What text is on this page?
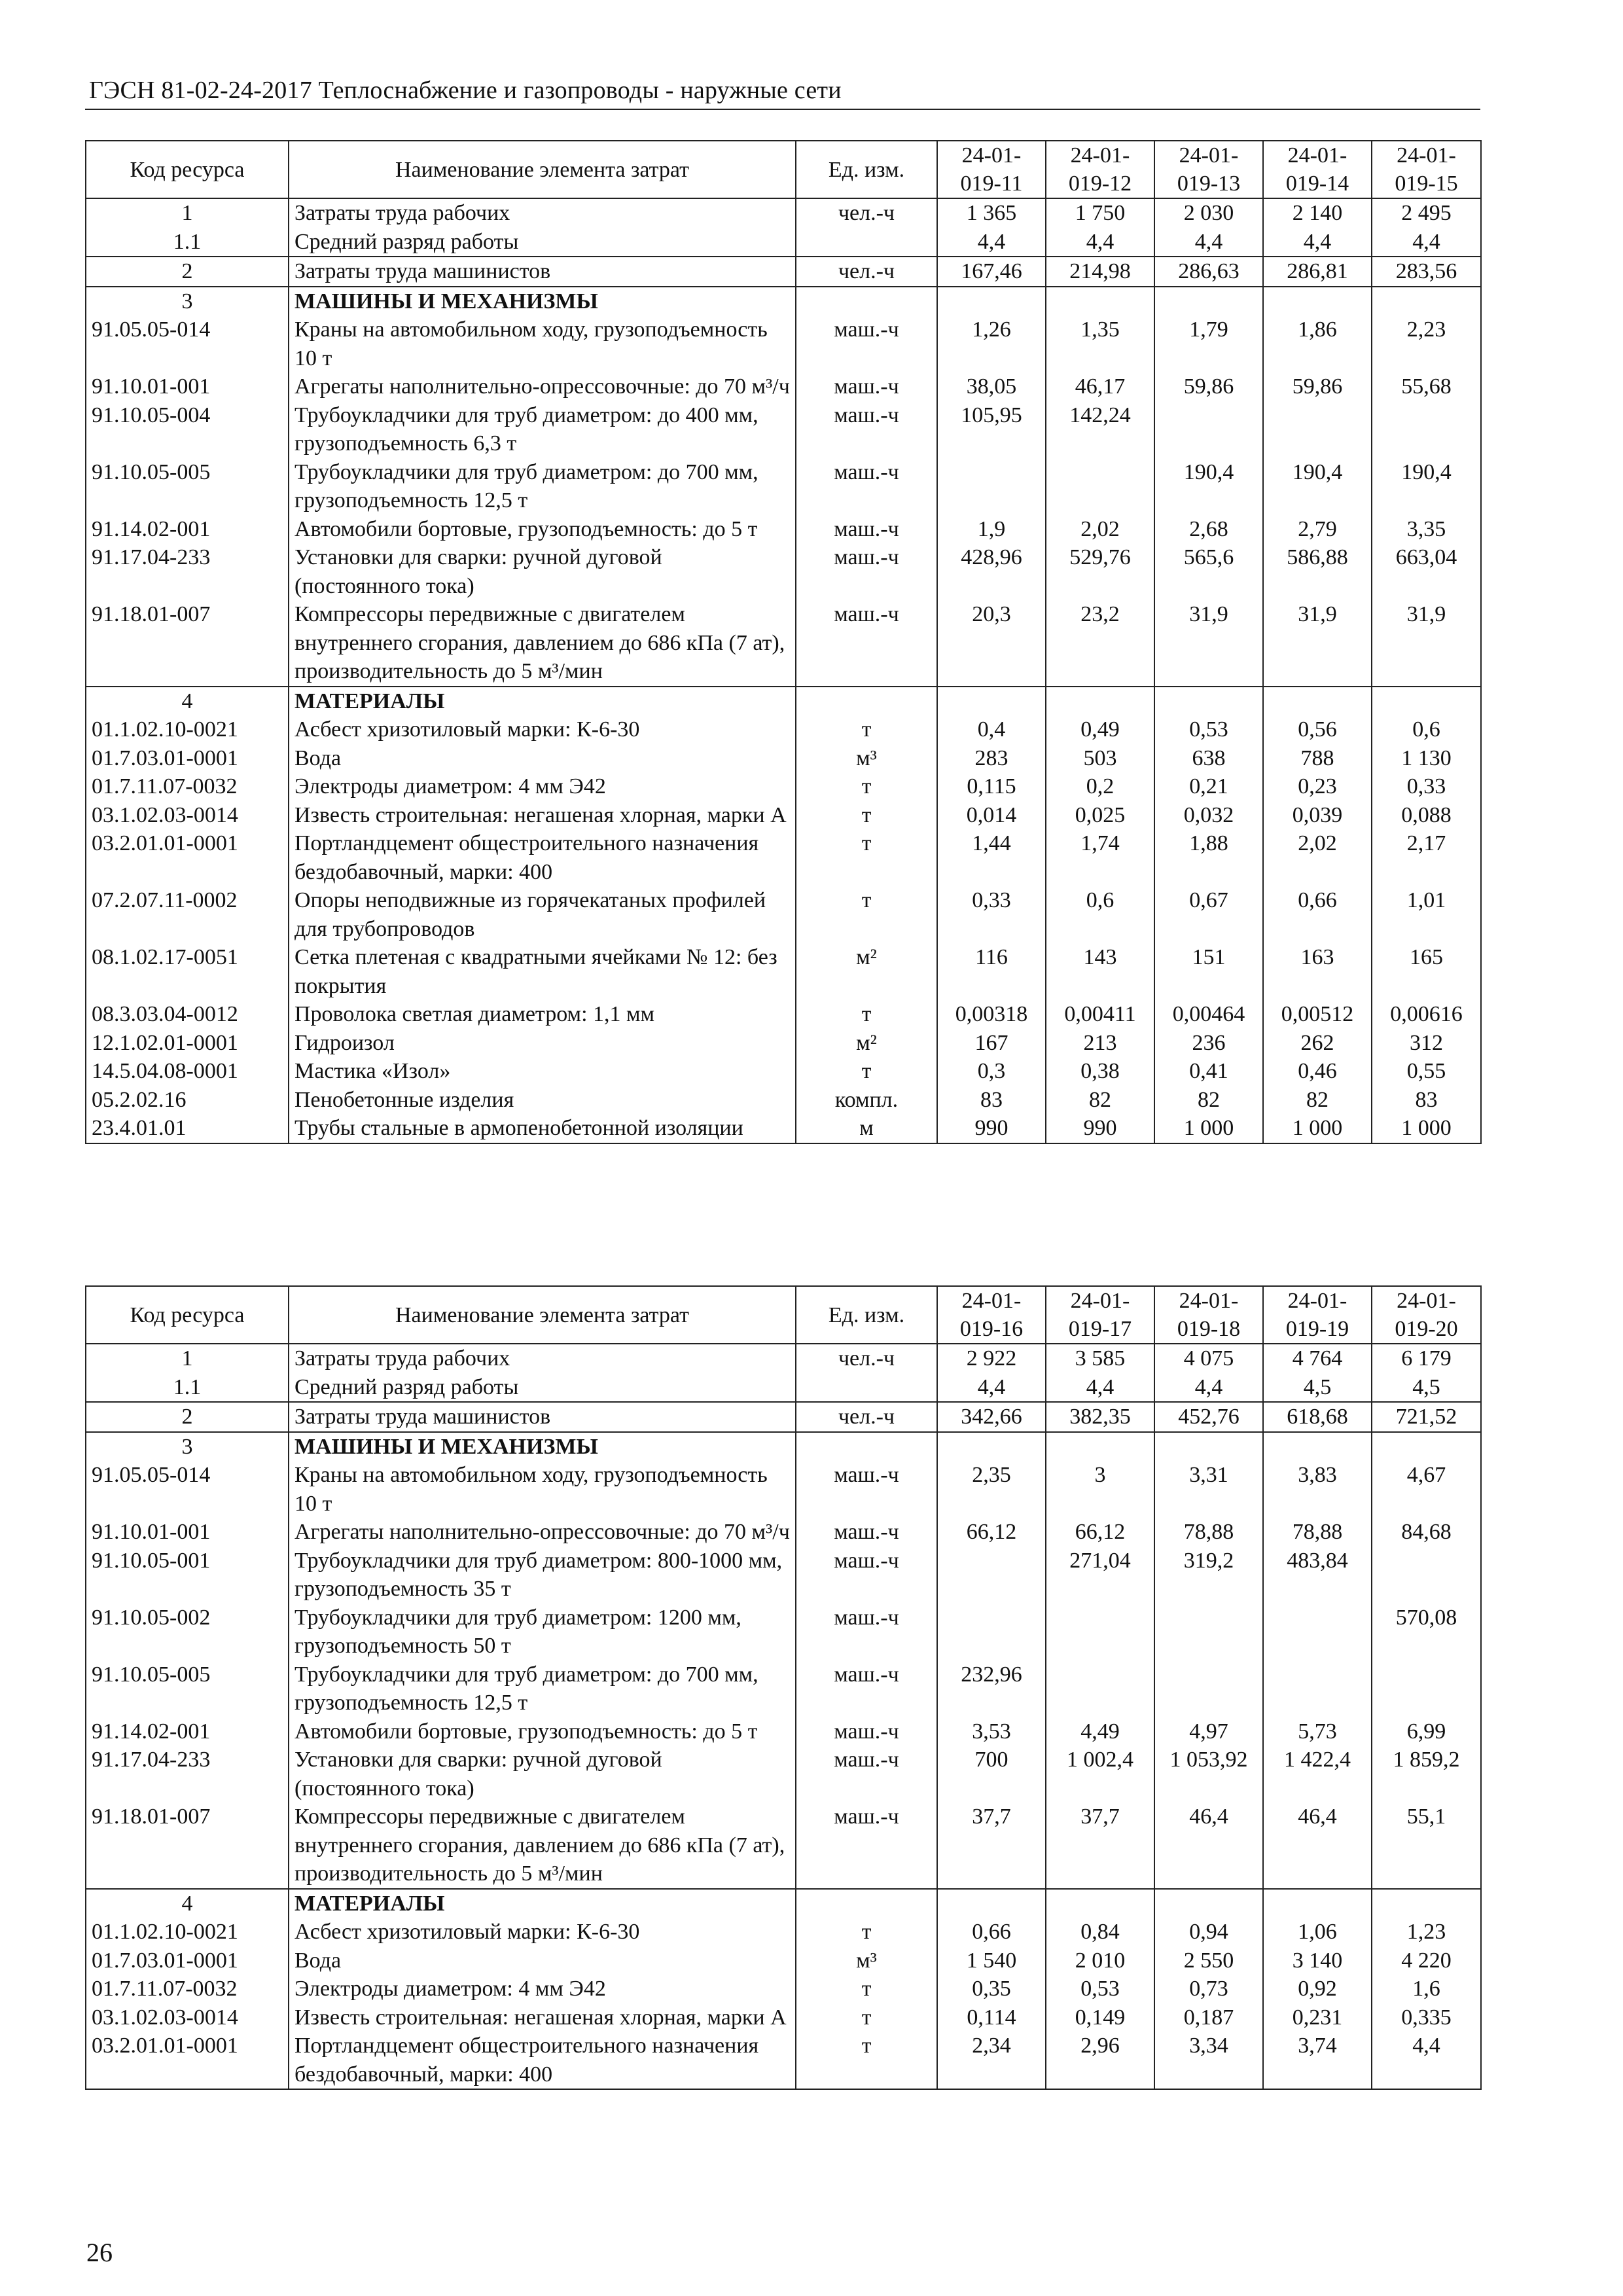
ГЭСН 81-02-24-2017 Теплоснабжение и газопроводы - наружные сети
Код ресурса	Наименование элемента затрат	Ед. изм.	24-01-019-11	24-01-019-12	24-01-019-13	24-01-019-14	24-01-019-15
1	Затраты труда рабочих	чел.-ч	1 365	1 750	2 030	2 140	2 495
1.1	Средний разряд работы		4,4	4,4	4,4	4,4	4,4
2	Затраты труда машинистов	чел.-ч	167,46	214,98	286,63	286,81	283,56
3	МАШИНЫ И МЕХАНИЗМЫ						
91.05.05-014	Краны на автомобильном ходу, грузоподъемность 10 т	маш.-ч	1,26	1,35	1,79	1,86	2,23
91.10.01-001	Агрегаты наполнительно-опрессовочные: до 70 м³/ч	маш.-ч	38,05	46,17	59,86	59,86	55,68
91.10.05-004	Трубоукладчики для труб диаметром: до 400 мм, грузоподъемность 6,3 т	маш.-ч	105,95	142,24			
91.10.05-005	Трубоукладчики для труб диаметром: до 700 мм, грузоподъемность 12,5 т	маш.-ч			190,4	190,4	190,4
91.14.02-001	Автомобили бортовые, грузоподъемность: до 5 т	маш.-ч	1,9	2,02	2,68	2,79	3,35
91.17.04-233	Установки для сварки: ручной дуговой (постоянного тока)	маш.-ч	428,96	529,76	565,6	586,88	663,04
91.18.01-007	Компрессоры передвижные с двигателем внутреннего сгорания, давлением до 686 кПа (7 ат), производительность до 5 м³/мин	маш.-ч	20,3	23,2	31,9	31,9	31,9
4	МАТЕРИАЛЫ						
01.1.02.10-0021	Асбест хризотиловый марки: К-6-30	т	0,4	0,49	0,53	0,56	0,6
01.7.03.01-0001	Вода	м³	283	503	638	788	1 130
01.7.11.07-0032	Электроды диаметром: 4 мм Э42	т	0,115	0,2	0,21	0,23	0,33
03.1.02.03-0014	Известь строительная: негашеная хлорная, марки А	т	0,014	0,025	0,032	0,039	0,088
03.2.01.01-0001	Портландцемент общестроительного назначения бездобавочный, марки: 400	т	1,44	1,74	1,88	2,02	2,17
07.2.07.11-0002	Опоры неподвижные из горячекатаных профилей для трубопроводов	т	0,33	0,6	0,67	0,66	1,01
08.1.02.17-0051	Сетка плетеная с квадратными ячейками № 12: без покрытия	м²	116	143	151	163	165
08.3.03.04-0012	Проволока светлая диаметром: 1,1 мм	т	0,00318	0,00411	0,00464	0,00512	0,00616
12.1.02.01-0001	Гидроизол	м²	167	213	236	262	312
14.5.04.08-0001	Мастика «Изол»	т	0,3	0,38	0,41	0,46	0,55
05.2.02.16	Пенобетонные изделия	компл.	83	82	82	82	83
23.4.01.01	Трубы стальные в армопенобетонной изоляции	м	990	990	1 000	1 000	1 000
Код ресурса	Наименование элемента затрат	Ед. изм.	24-01-019-16	24-01-019-17	24-01-019-18	24-01-019-19	24-01-019-20
1	Затраты труда рабочих	чел.-ч	2 922	3 585	4 075	4 764	6 179
1.1	Средний разряд работы		4,4	4,4	4,4	4,5	4,5
2	Затраты труда машинистов	чел.-ч	342,66	382,35	452,76	618,68	721,52
3	МАШИНЫ И МЕХАНИЗМЫ						
91.05.05-014	Краны на автомобильном ходу, грузоподъемность 10 т	маш.-ч	2,35	3	3,31	3,83	4,67
91.10.01-001	Агрегаты наполнительно-опрессовочные: до 70 м³/ч	маш.-ч	66,12	66,12	78,88	78,88	84,68
91.10.05-001	Трубоукладчики для труб диаметром: 800-1000 мм, грузоподъемность 35 т	маш.-ч		271,04	319,2	483,84	
91.10.05-002	Трубоукладчики для труб диаметром: 1200 мм, грузоподъемность 50 т	маш.-ч					570,08
91.10.05-005	Трубоукладчики для труб диаметром: до 700 мм, грузоподъемность 12,5 т	маш.-ч	232,96				
91.14.02-001	Автомобили бортовые, грузоподъемность: до 5 т	маш.-ч	3,53	4,49	4,97	5,73	6,99
91.17.04-233	Установки для сварки: ручной дуговой (постоянного тока)	маш.-ч	700	1 002,4	1 053,92	1 422,4	1 859,2
91.18.01-007	Компрессоры передвижные с двигателем внутреннего сгорания, давлением до 686 кПа (7 ат), производительность до 5 м³/мин	маш.-ч	37,7	37,7	46,4	46,4	55,1
4	МАТЕРИАЛЫ						
01.1.02.10-0021	Асбест хризотиловый марки: К-6-30	т	0,66	0,84	0,94	1,06	1,23
01.7.03.01-0001	Вода	м³	1 540	2 010	2 550	3 140	4 220
01.7.11.07-0032	Электроды диаметром: 4 мм Э42	т	0,35	0,53	0,73	0,92	1,6
03.1.02.03-0014	Известь строительная: негашеная хлорная, марки А	т	0,114	0,149	0,187	0,231	0,335
03.2.01.01-0001	Портландцемент общестроительного назначения бездобавочный, марки: 400	т	2,34	2,96	3,34	3,74	4,4
26
